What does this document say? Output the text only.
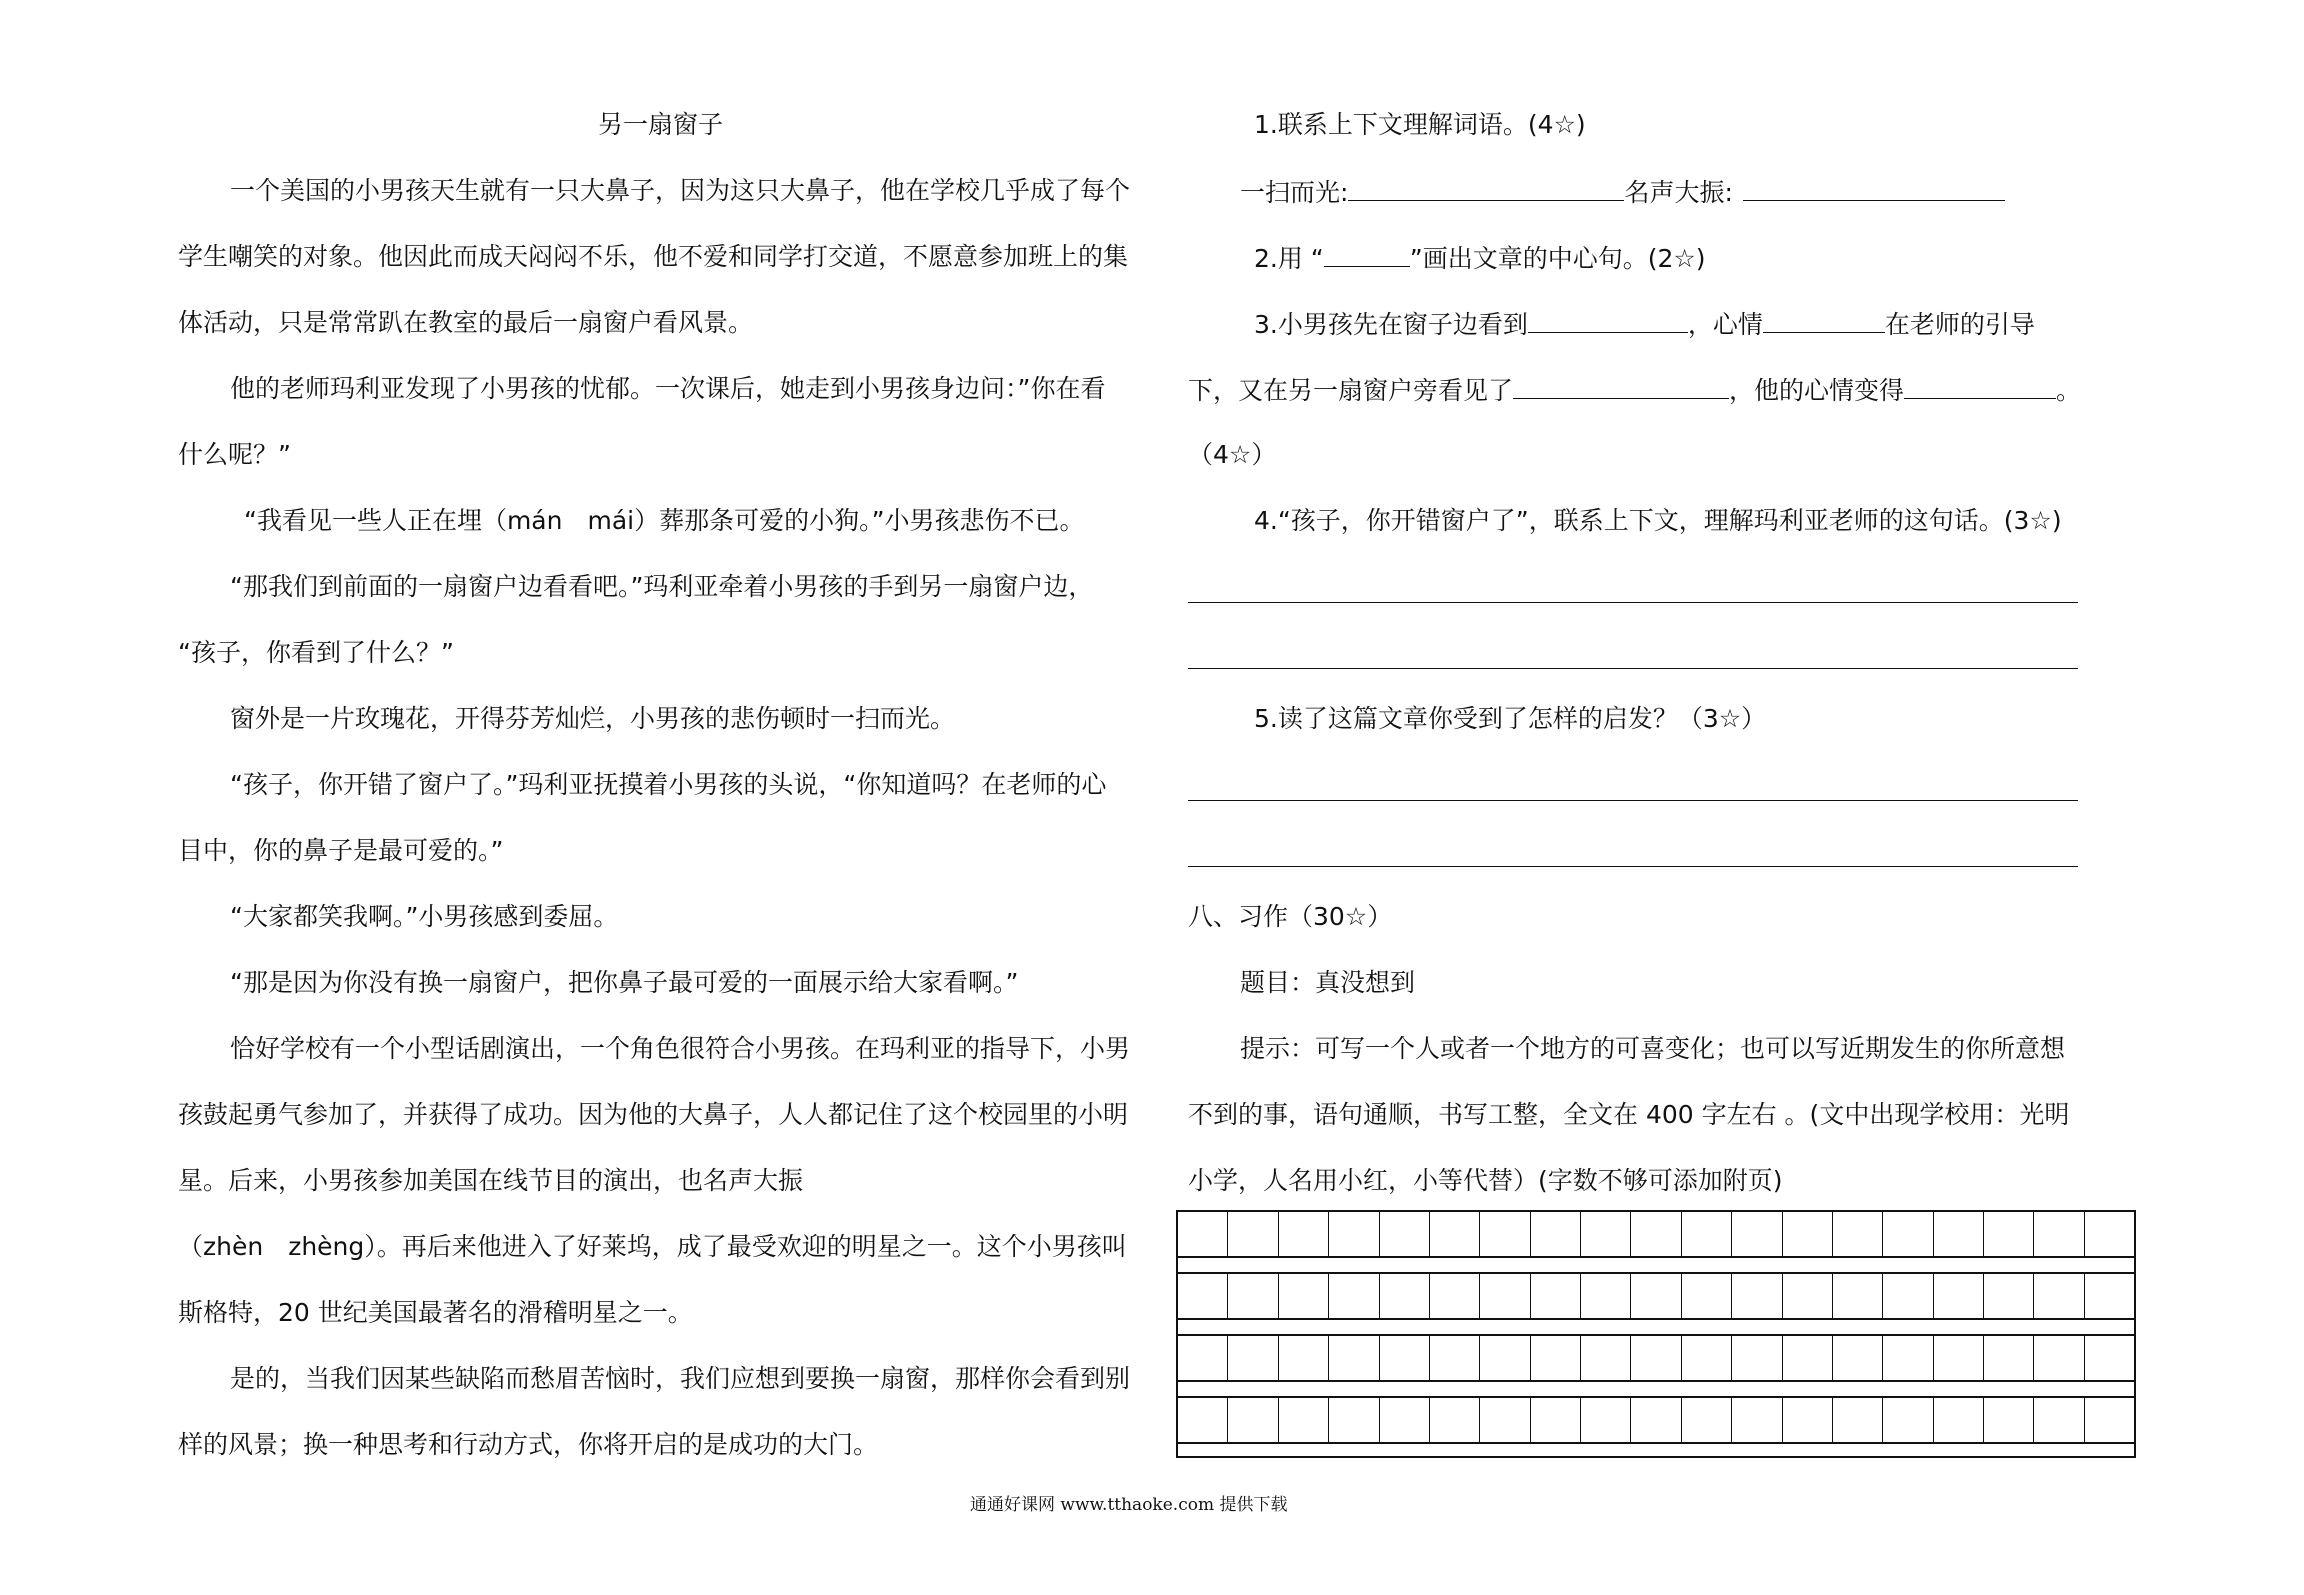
另一扇窗子
一个美国的小男孩天生就有一只大鼻子，因为这只大鼻子，他在学校几乎成了每个
学生嘲笑的对象。他因此而成天闷闷不乐，他不爱和同学打交道，不愿意参加班上的集
体活动，只是常常趴在教室的最后一扇窗户看风景。
他的老师玛利亚发现了小男孩的忧郁。一次课后，她走到小男孩身边问：”你在看
什么呢？”
“我看见一些人正在埋（mán　mái）葬那条可爱的小狗。”小男孩悲伤不已。
“那我们到前面的一扇窗户边看看吧。”玛利亚牵着小男孩的手到另一扇窗户边，
“孩子，你看到了什么？”
窗外是一片玫瑰花，开得芬芳灿烂，小男孩的悲伤顿时一扫而光。
“孩子，你开错了窗户了。”玛利亚抚摸着小男孩的头说，“你知道吗？在老师的心
目中，你的鼻子是最可爱的。”
“大家都笑我啊。”小男孩感到委屈。
“那是因为你没有换一扇窗户，把你鼻子最可爱的一面展示给大家看啊。”
恰好学校有一个小型话剧演出，一个角色很符合小男孩。在玛利亚的指导下，小男
孩鼓起勇气参加了，并获得了成功。因为他的大鼻子，人人都记住了这个校园里的小明
星。后来，小男孩参加美国在线节目的演出，也名声大振
（zhèn　zhèng）。再后来他进入了好莱坞，成了最受欢迎的明星之一。这个小男孩叫
斯格特，20 世纪美国最著名的滑稽明星之一。
是的，当我们因某些缺陷而愁眉苦恼时，我们应想到要换一扇窗，那样你会看到别
样的风景；换一种思考和行动方式，你将开启的是成功的大门。
1.联系上下文理解词语。(4☆)
一扫而光:	名声大振:
2.用 “	”画出文章的中心句。(2☆)
3.小男孩先在窗子边看到	，心情	在老师的引导
下，又在另一扇窗户旁看见了	，他的心情变得	。
（4☆）
4.“孩子，你开错窗户了”，联系上下文，理解玛利亚老师的这句话。(3☆)
5.读了这篇文章你受到了怎样的启发？（3☆）
八、习作（30☆）
题目：真没想到
提示：可写一个人或者一个地方的可喜变化；也可以写近期发生的你所意想
不到的事，语句通顺，书写工整，全文在 400 字左右 。(文中出现学校用：光明
小学，人名用小红，小等代替）(字数不够可添加附页)
通通好课网 www.tthaoke.com 提供下载
